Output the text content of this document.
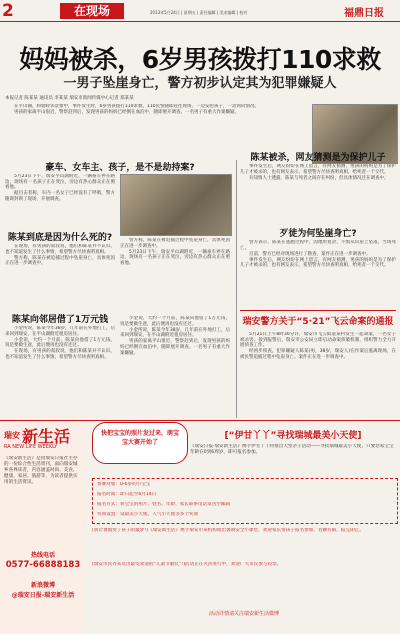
2	在现场	2013年5月24日 | 星期五 | 责任编辑 | 美术编辑 | 校对	福鼎日报
妈妈被杀，6岁男孩拨打110求救
一男子坠崖身亡，警方初步认定其为犯罪嫌疑人
本报记者 陈某某 通讯员 李某某 瑞安市新闻传媒中心记者 郑某某

在平山湖，和谐睦邻景象中，事件发生时，6岁男孩拨打110求救，110民警随即赶往现场，一边安慰孩子，一边询问情况。

男孩的家离平山很近，警察赶到后，发现男孩的妈妈已经倒在血泊中，随即展开调查。一名男子有重大作案嫌疑。

豪车、女车主、孩子，是不是劫持案?

5月23日下午，瑞安平山湖附近，一辆豪车停在路边，现场有一名孩子正在哭泣，旁边有热心群众正在照看他。

据目击者称，车内一名女子已经没有了呼吸，警方随即封锁了现场，开展调查。

陈某到底是因为什么死的?

在现场，有男孩的叔叔说，他们和陈某并不认识，也不知道发生了什么事情，希望警方尽快查明真相。

警方称，陈某在被追捕过程中坠崖身亡，具体死因正在进一步调查中。

警方称，陈某在被追捕过程中坠崖身亡，具体死因正在进一步调查中。

5月23日下午，瑞安平山湖附近，一辆豪车停在路边，现场有一名孩子正在哭泣，旁边有热心群众正在照看他。

陈某向邻居借了1万元钱

小金所说，陈某今年38岁，几年前在外地打工，后来回到瑞安，在平山湖附近租房居住。

小金说，大约一个月前，陈某向他借了1万元钱，说是要做生意，此后便再也没有还过。

在现场，有男孩的叔叔说，他们和陈某并不认识，也不知道发生了什么事情，希望警方尽快查明真相。

小金说，大约一个月前，陈某向他借了1万元钱，说是要做生意，此后便再也没有还过。

小金所说，陈某今年38岁，几年前在外地打工，后来回到瑞安，在平山湖附近租房居住。

男孩的家离平山很近，警察赶到后，发现男孩的妈妈已经倒在血泊中，随即展开调查。一名男子有重大作案嫌疑。

陈某被杀，网友猜测是为保护儿子

事件发生后，网友纷纷在网上留言，有网友猜测，男孩的妈妈是为了保护儿子才被杀的，也有网友表示，希望警方尽快查明真相，给死者一个交代。

有知情人士透露，陈某与死者之间存在纠纷，但具体情况还在调查中。

歹徒为何坠崖身亡?

警方表示，陈某在逃跑过程中，因地形复杂，不慎从山崖上坠落，当场死亡。

目前，警方已经对现场进行了勘查，案件正在进一步调查中。

事件发生后，网友纷纷在网上留言，有网友猜测，男孩的妈妈是为了保护儿子才被杀的，也有网友表示，希望警方尽快查明真相，给死者一个交代。

瑞安警方关于“5·21”飞云命案的通报

5月21日上午8时30分许，瑞安市飞云街道某村发生一起命案，一名女子被杀害。接到报警后，瑞安市公安局立即启动命案侦破机制，组织警力全力开展侦查工作。

经初步侦查，犯罪嫌疑人陈某(男，38岁，瑞安人)在作案后逃离现场，在被民警追捕过程中坠崖身亡。案件正在进一步调查中。

瑞安 新生活
RA NEW LIFE WEEKLY
《瑞安新生活》是由瑞安日报社主办的一份综合性生活周刊，面向瑞安城乡各界读者，内容涵盖时尚、美食、健康、家居、旅游等，为读者提供实用的生活资讯。
热线电话
0577-66888183
新浪微博
@瑞安日报-瑞安新生活
快把宝宝的照片发过来，萌宝宝大赛开始了
[“伊甘丫丫”寻找瑞城最美小天使]
《瑞安日报·瑞安新生活》携手伊甘丫丫特推出大型亲子活动——寻找瑞城最美小天使，只要您家宝宝年龄在0到6周岁，即可报名参加。
参赛对象：0-6岁的小宝宝
报名时间：即日起至6月14日
报名方式：将宝宝的照片、姓名、年龄、家长联系电话发送至邮箱
奖项设置：设最美小天使、人气小天使等多个奖项
[别让暑假变了孩子的噩梦!]《瑞安新生活》携手瑞安市某机构推出暑期安全小课堂，欢迎家长带孩子报名参加，名额有限，报完即止。
[瑞安市民齐来选出最受欢迎的“儿童节服装”!]活动正在火热进行中，欢迎广大市民参与投票。
活动详情请关注瑞安新生活微博
